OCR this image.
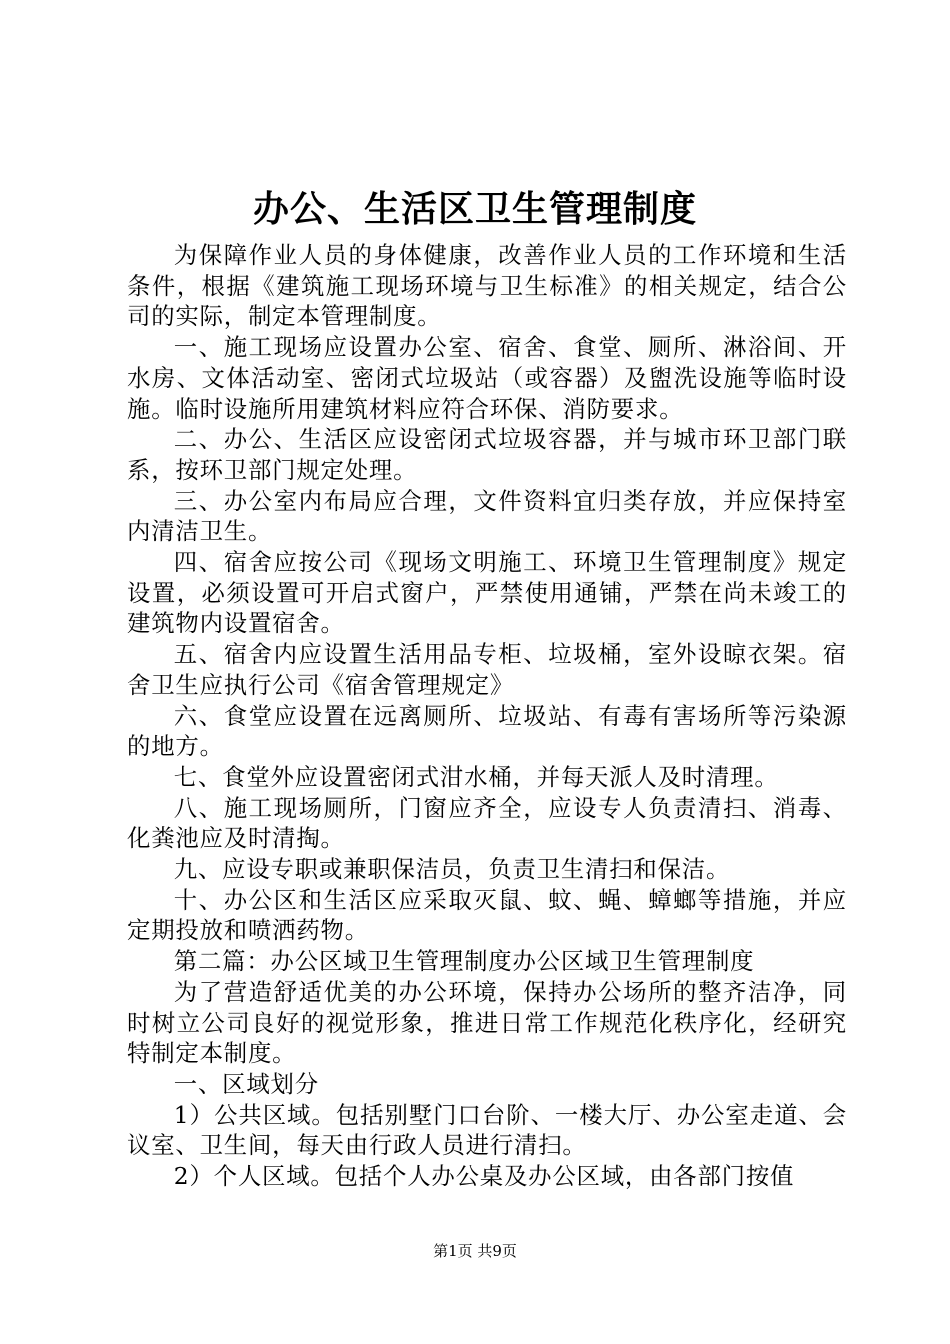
办公、生活区卫生管理制度

为保障作业人员的身体健康，改善作业人员的工作环境和生活条件，根据《建筑施工现场环境与卫生标准》的相关规定，结合公司的实际，制定本管理制度。

一、施工现场应设置办公室、宿舍、食堂、厕所、淋浴间、开水房、文体活动室、密闭式垃圾站（或容器）及盥洗设施等临时设施。临时设施所用建筑材料应符合环保、消防要求。

二、办公、生活区应设密闭式垃圾容器，并与城市环卫部门联系，按环卫部门规定处理。

三、办公室内布局应合理，文件资料宜归类存放，并应保持室内清洁卫生。

四、宿舍应按公司《现场文明施工、环境卫生管理制度》规定设置，必须设置可开启式窗户，严禁使用通铺，严禁在尚未竣工的建筑物内设置宿舍。

五、宿舍内应设置生活用品专柜、垃圾桶，室外设晾衣架。宿舍卫生应执行公司《宿舍管理规定》

六、食堂应设置在远离厕所、垃圾站、有毒有害场所等污染源的地方。

七、食堂外应设置密闭式泔水桶，并每天派人及时清理。

八、施工现场厕所，门窗应齐全，应设专人负责清扫、消毒、化粪池应及时清掏。

九、应设专职或兼职保洁员，负责卫生清扫和保洁。

十、办公区和生活区应采取灭鼠、蚊、蝇、蟑螂等措施，并应定期投放和喷洒药物。

第二篇：办公区域卫生管理制度办公区域卫生管理制度

为了营造舒适优美的办公环境，保持办公场所的整齐洁净，同时树立公司良好的视觉形象，推进日常工作规范化秩序化，经研究特制定本制度。

一、区域划分

1）公共区域。包括别墅门口台阶、一楼大厅、办公室走道、会议室、卫生间，每天由行政人员进行清扫。

2）个人区域。包括个人办公桌及办公区域，由各部门按值

第1页 共9页
